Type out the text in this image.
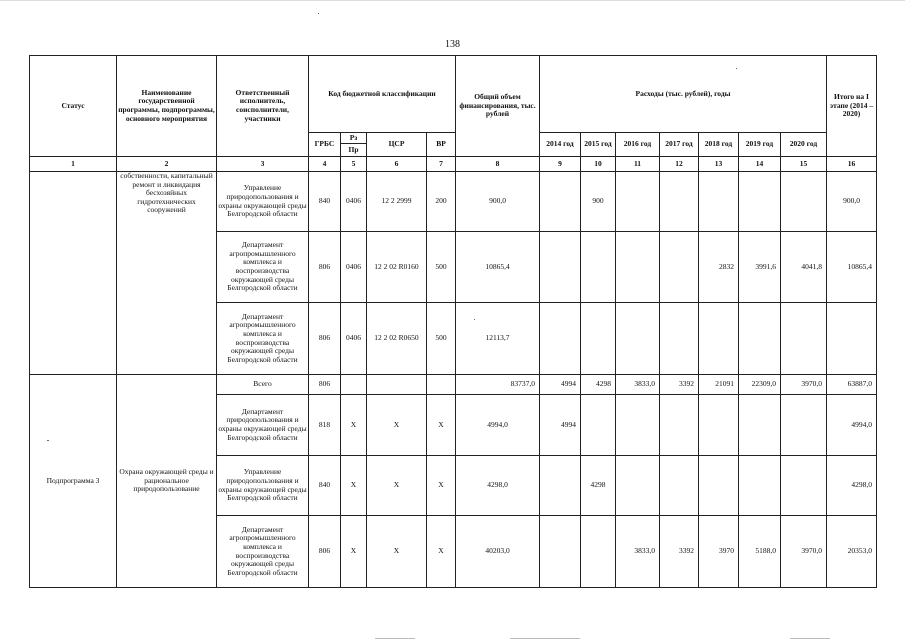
138
Статус	Наименование государственной программы, подпрограммы, основного мероприятия	Ответственный исполнитель, соисполнители, участники	Код бюджетной классификации				Общий объем финансирования, тыс. рублей	Расходы (тыс. рублей), годы							Итого на I этапе (2014 – 2020)
			ГРБС	Рз	ЦСР	ВР		2014 год	2015 год	2016 год	2017 год	2018 год	2019 год	2020 год	
				Пр											
1	2	3	4	5	6	7	8	9	10	11	12	13	14	15	16
	собственности, капитальный ремонт и ликвидация бесхозяйных гидротехнических сооружений	Управление природопользования и охраны окружающей среды Белгородской области	840	0406	12 2 2999	200	900,0		900						900,0
		Департамент агропромышленного комплекса и воспроизводства окружающей среды Белгородской области	806	0406	12 2 02 R0160	500	10865,4					2832	3991,6	4041,8	10865,4
		Департамент агропромышленного комплекса и воспроизводства окружающей среды Белгородской области	806	0406	12 2 02 R0650	500	12113,7								
Подпрограмма 3	Охрана окружающей среды и рациональное природопользование	Всего	806				83737,0	4994	4298	3833,0	3392	21091	22309,0	3970,0	63887,0
		Департамент природопользования и охраны окружающей среды Белгородской области	818	Х	Х	Х	4994,0	4994							4994,0
		Управление природопользования и охраны окружающей среды Белгородской области	840	Х	Х	Х	4298,0		4298						4298,0
		Департамент агропромышленного комплекса и воспроизводства окружающей среды Белгородской области	806	Х	Х	Х	40203,0			3833,0	3392	3970	5188,0	3970,0	20353,0
